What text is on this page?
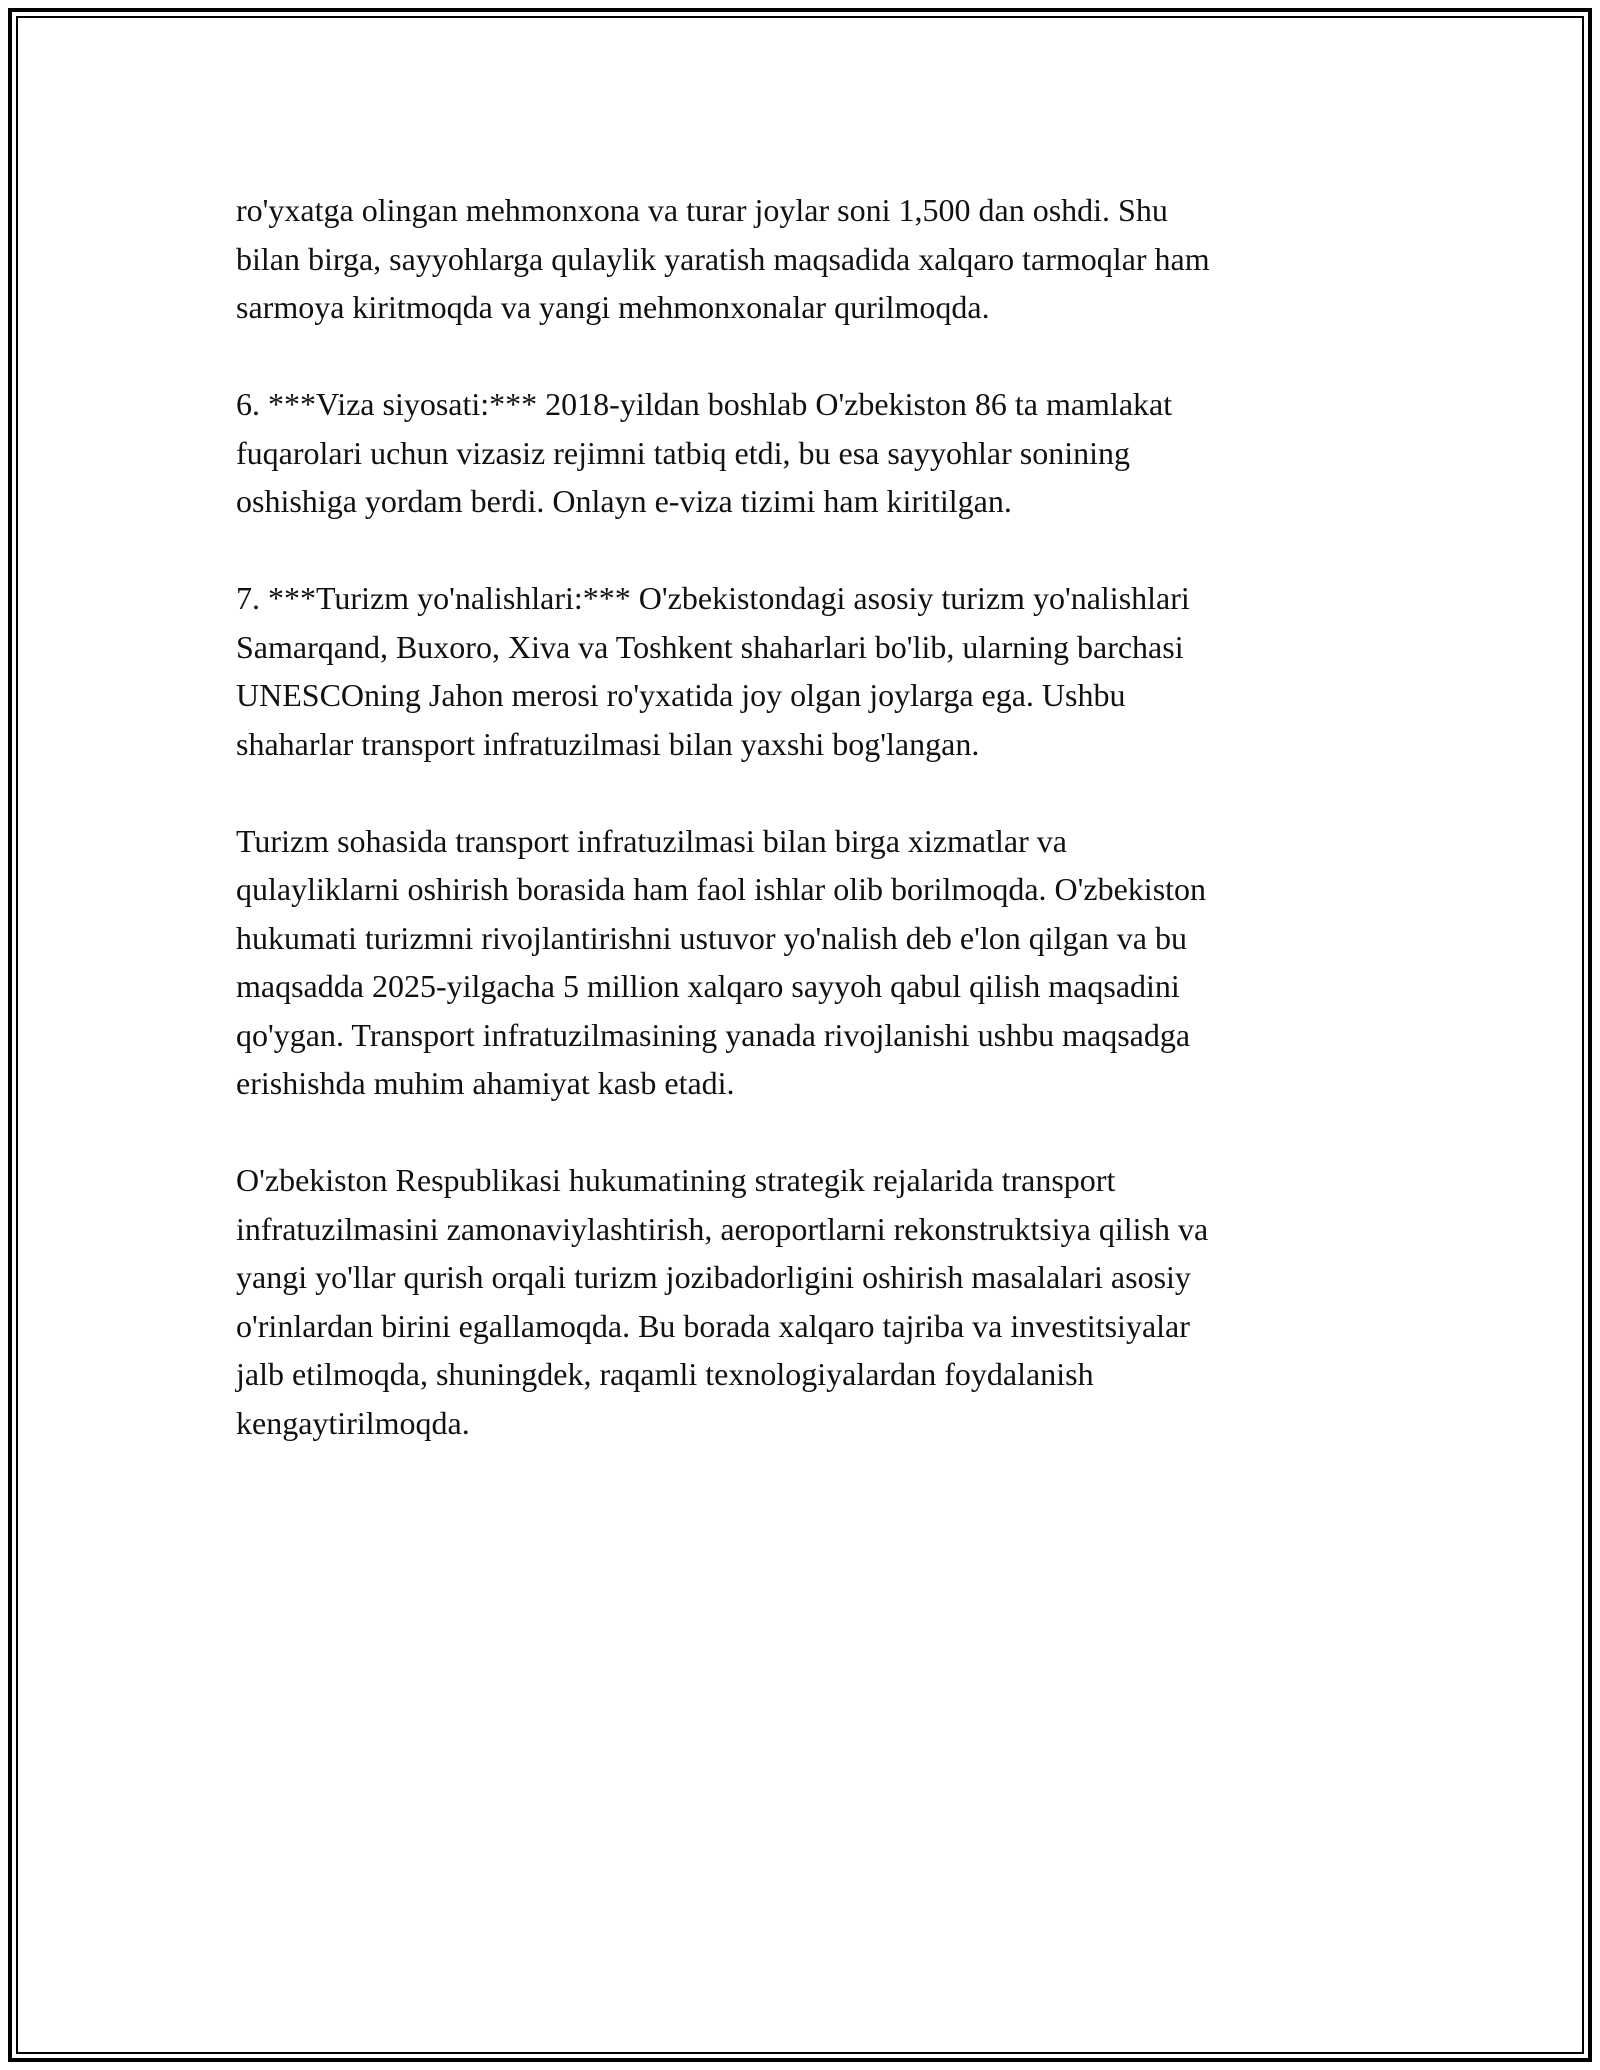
ro'yxatga olingan mehmonxona va turar joylar soni 1,500 dan oshdi. Shu
bilan birga, sayyohlarga qulaylik yaratish maqsadida xalqaro tarmoqlar ham
sarmoya kiritmoqda va yangi mehmonxonalar qurilmoqda.

6. ***Viza siyosati:*** 2018-yildan boshlab O'zbekiston 86 ta mamlakat
fuqarolari uchun vizasiz rejimni tatbiq etdi, bu esa sayyohlar sonining
oshishiga yordam berdi. Onlayn e-viza tizimi ham kiritilgan.

7. ***Turizm yo'nalishlari:*** O'zbekistondagi asosiy turizm yo'nalishlari
Samarqand, Buxoro, Xiva va Toshkent shaharlari bo'lib, ularning barchasi
UNESCOning Jahon merosi ro'yxatida joy olgan joylarga ega. Ushbu
shaharlar transport infratuzilmasi bilan yaxshi bog'langan.

Turizm sohasida transport infratuzilmasi bilan birga xizmatlar va
qulayliklarni oshirish borasida ham faol ishlar olib borilmoqda. O'zbekiston
hukumati turizmni rivojlantirishni ustuvor yo'nalish deb e'lon qilgan va bu
maqsadda 2025-yilgacha 5 million xalqaro sayyoh qabul qilish maqsadini
qo'ygan. Transport infratuzilmasining yanada rivojlanishi ushbu maqsadga
erishishda muhim ahamiyat kasb etadi.

O'zbekiston Respublikasi hukumatining strategik rejalarida transport
infratuzilmasini zamonaviylashtirish, aeroportlarni rekonstruktsiya qilish va
yangi yo'llar qurish orqali turizm jozibadorligini oshirish masalalari asosiy
o'rinlardan birini egallamoqda. Bu borada xalqaro tajriba va investitsiyalar
jalb etilmoqda, shuningdek, raqamli texnologiyalardan foydalanish
kengaytirilmoqda.
